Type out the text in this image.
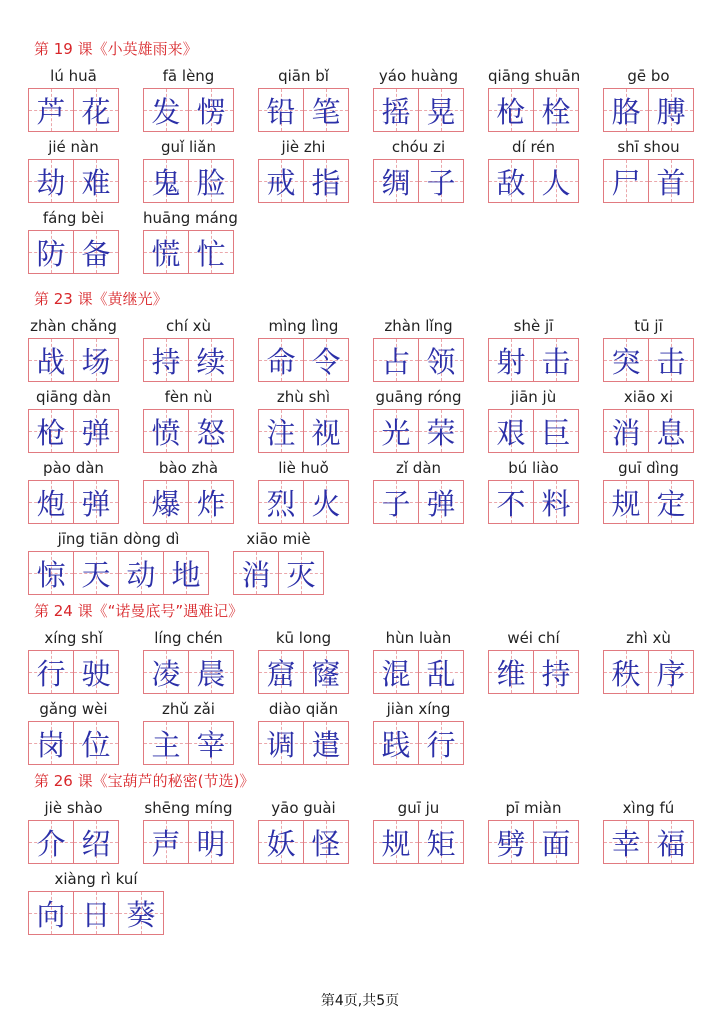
第 19 课《小英雄雨来》
lú huā
芦 花
fā lèng
发 愣
qiān bǐ
铅 笔
yáo huàng
摇 晃
qiāng shuān
枪 栓
gē bo
胳 膊
jié nàn
劫 难
guǐ liǎn
鬼 脸
jiè zhi
戒 指
chóu zi
绸 子
dí rén
敌 人
shī shou
尸 首
fáng bèi
防 备
huāng máng
慌 忙
第 23 课《黄继光》
zhàn chǎng
战 场
chí xù
持 续
mìng lìng
命 令
zhàn lǐng
占 领
shè jī
射 击
tū jī
突 击
qiāng dàn
枪 弹
fèn nù
愤 怒
zhù shì
注 视
guāng róng
光 荣
jiān jù
艰 巨
xiāo xi
消 息
pào dàn
炮 弹
bào zhà
爆 炸
liè huǒ
烈 火
zǐ dàn
子 弹
bú liào
不 料
guī dìng
规 定
jīng tiān dòng dì
惊 天 动 地
xiāo miè
消 灭
第 24 课《“诺曼底号”遇难记》
xíng shǐ
行 驶
líng chén
凌 晨
kū long
窟 窿
hùn luàn
混 乱
wéi chí
维 持
zhì xù
秩 序
gǎng wèi
岗 位
zhǔ zǎi
主 宰
diào qiǎn
调 遣
jiàn xíng
践 行
第 26 课《宝葫芦的秘密(节选)》
jiè shào
介 绍
shēng míng
声 明
yāo guài
妖 怪
guī ju
规 矩
pī miàn
劈 面
xìng fú
幸 福
xiàng rì kuí
向 日 葵
第4页,共5页
